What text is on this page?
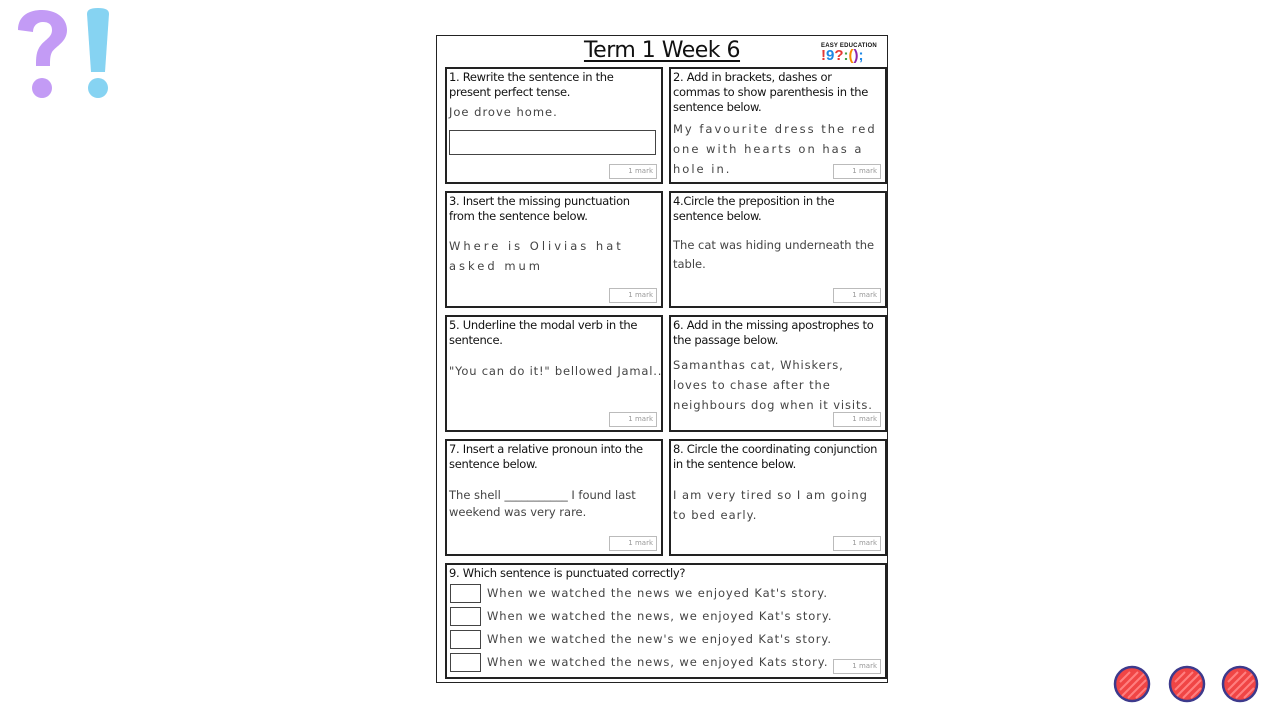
Term 1 Week 6	EASY EDUCATION
!9?:();
1. Rewrite the sentence in the present perfect tense.
Joe drove home.
1 mark
2. Add in brackets, dashes or commas to show parenthesis in the sentence below.
My favourite dress the red one with hearts on has a hole in.	1 mark
3. Insert the missing punctuation from the sentence below.
Where is Olivias hat asked mum
1 mark
4.Circle the preposition in the sentence below.
The cat was hiding underneath the table.
1 mark
5. Underline the modal verb in the sentence.
"You can do it!" bellowed Jamal..
1 mark
6. Add in the missing apostrophes to the passage below.
Samanthas cat, Whiskers, loves to chase after the neighbours dog when it visits.
1 mark
7. Insert a relative pronoun into the sentence below.
The shell ___________ I found last weekend was very rare.
1 mark
8. Circle the coordinating conjunction in the sentence below.
I am very tired so I am going to bed early.
1 mark
9. Which sentence is punctuated correctly?
When we watched the news we enjoyed Kat's story.
When we watched the news, we enjoyed Kat's story.
When we watched the new's we enjoyed Kat's story.
When we watched the news, we enjoyed Kats story.	1 mark
